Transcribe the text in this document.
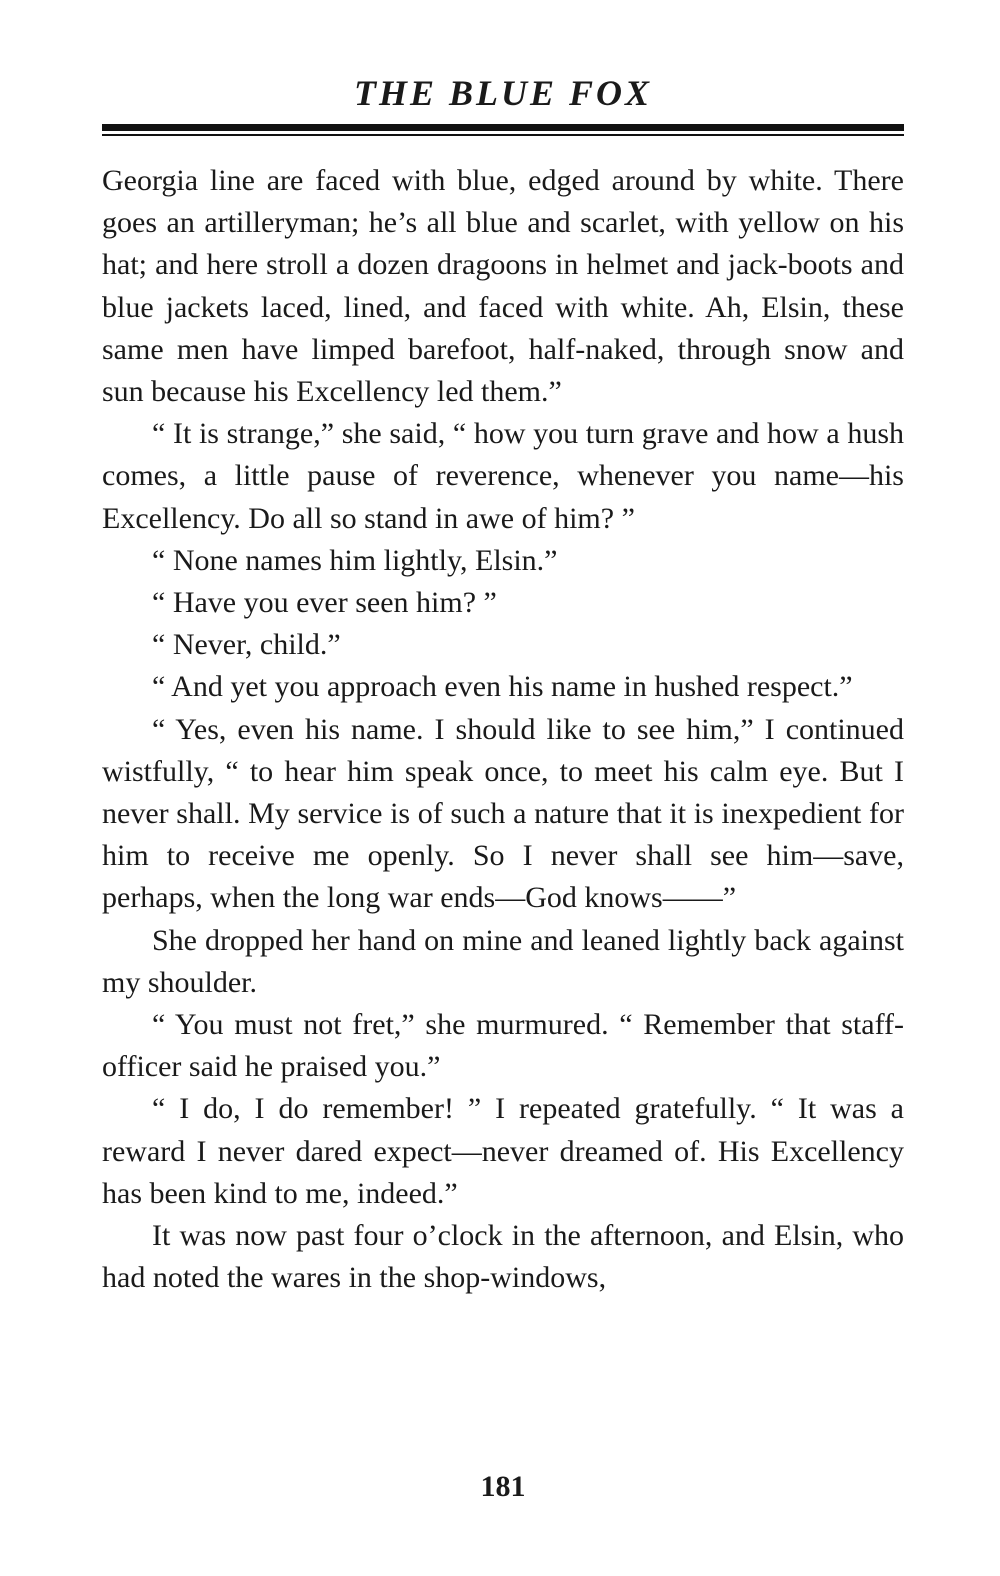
THE BLUE FOX

Georgia line are faced with blue, edged around by white. There goes an artilleryman; he’s all blue and scarlet, with yellow on his hat; and here stroll a dozen dragoons in helmet and jack-boots and blue jackets laced, lined, and faced with white. Ah, Elsin, these same men have limped barefoot, half-naked, through snow and sun because his Excellency led them.”

“ It is strange,” she said, “ how you turn grave and how a hush comes, a little pause of reverence, whenever you name—his Excellency. Do all so stand in awe of him? ”

“ None names him lightly, Elsin.”

“ Have you ever seen him? ”

“ Never, child.”

“ And yet you approach even his name in hushed respect.”

“ Yes, even his name. I should like to see him,” I continued wistfully, “ to hear him speak once, to meet his calm eye. But I never shall. My service is of such a nature that it is inexpedient for him to receive me openly. So I never shall see him—save, perhaps, when the long war ends—God knows——”

She dropped her hand on mine and leaned lightly back against my shoulder.

“ You must not fret,” she murmured. “ Remember that staff-officer said he praised you.”

“ I do, I do remember! ” I repeated gratefully. “ It was a reward I never dared expect—never dreamed of. His Excellency has been kind to me, indeed.”

It was now past four o’clock in the afternoon, and Elsin, who had noted the wares in the shop-windows,

181
